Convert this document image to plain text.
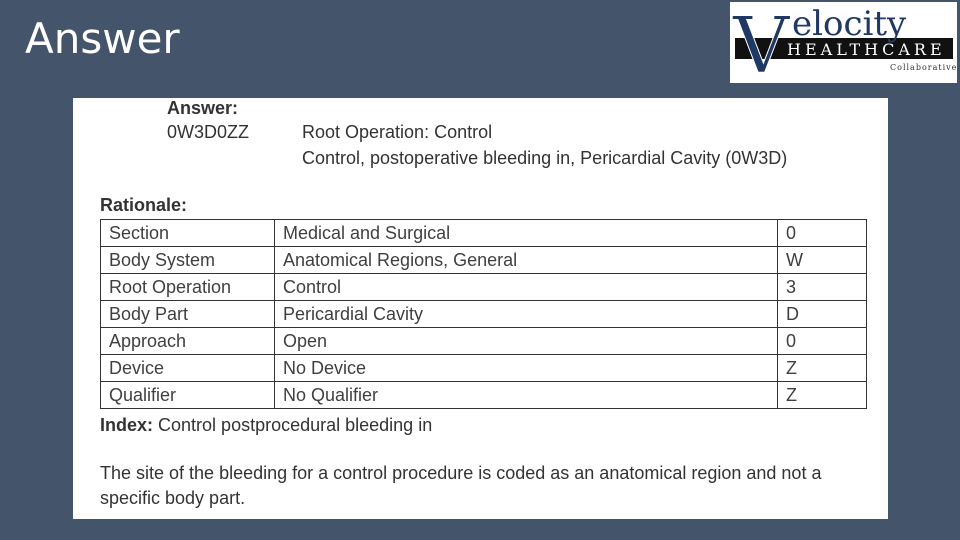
Answer	V elocity
HEALTHCARE
Collaborative
Answer:
0W3D0ZZ	Root Operation: Control
Control, postoperative bleeding in, Pericardial Cavity (0W3D)
Rationale:
Section	Medical and Surgical	0
Body System	Anatomical Regions, General	W
Root Operation	Control	3
Body Part	Pericardial Cavity	D
Approach	Open	0
Device	No Device	Z
Qualifier	No Qualifier	Z
Index: Control postprocedural bleeding in
The site of the bleeding for a control procedure is coded as an anatomical region and not a specific body part.
